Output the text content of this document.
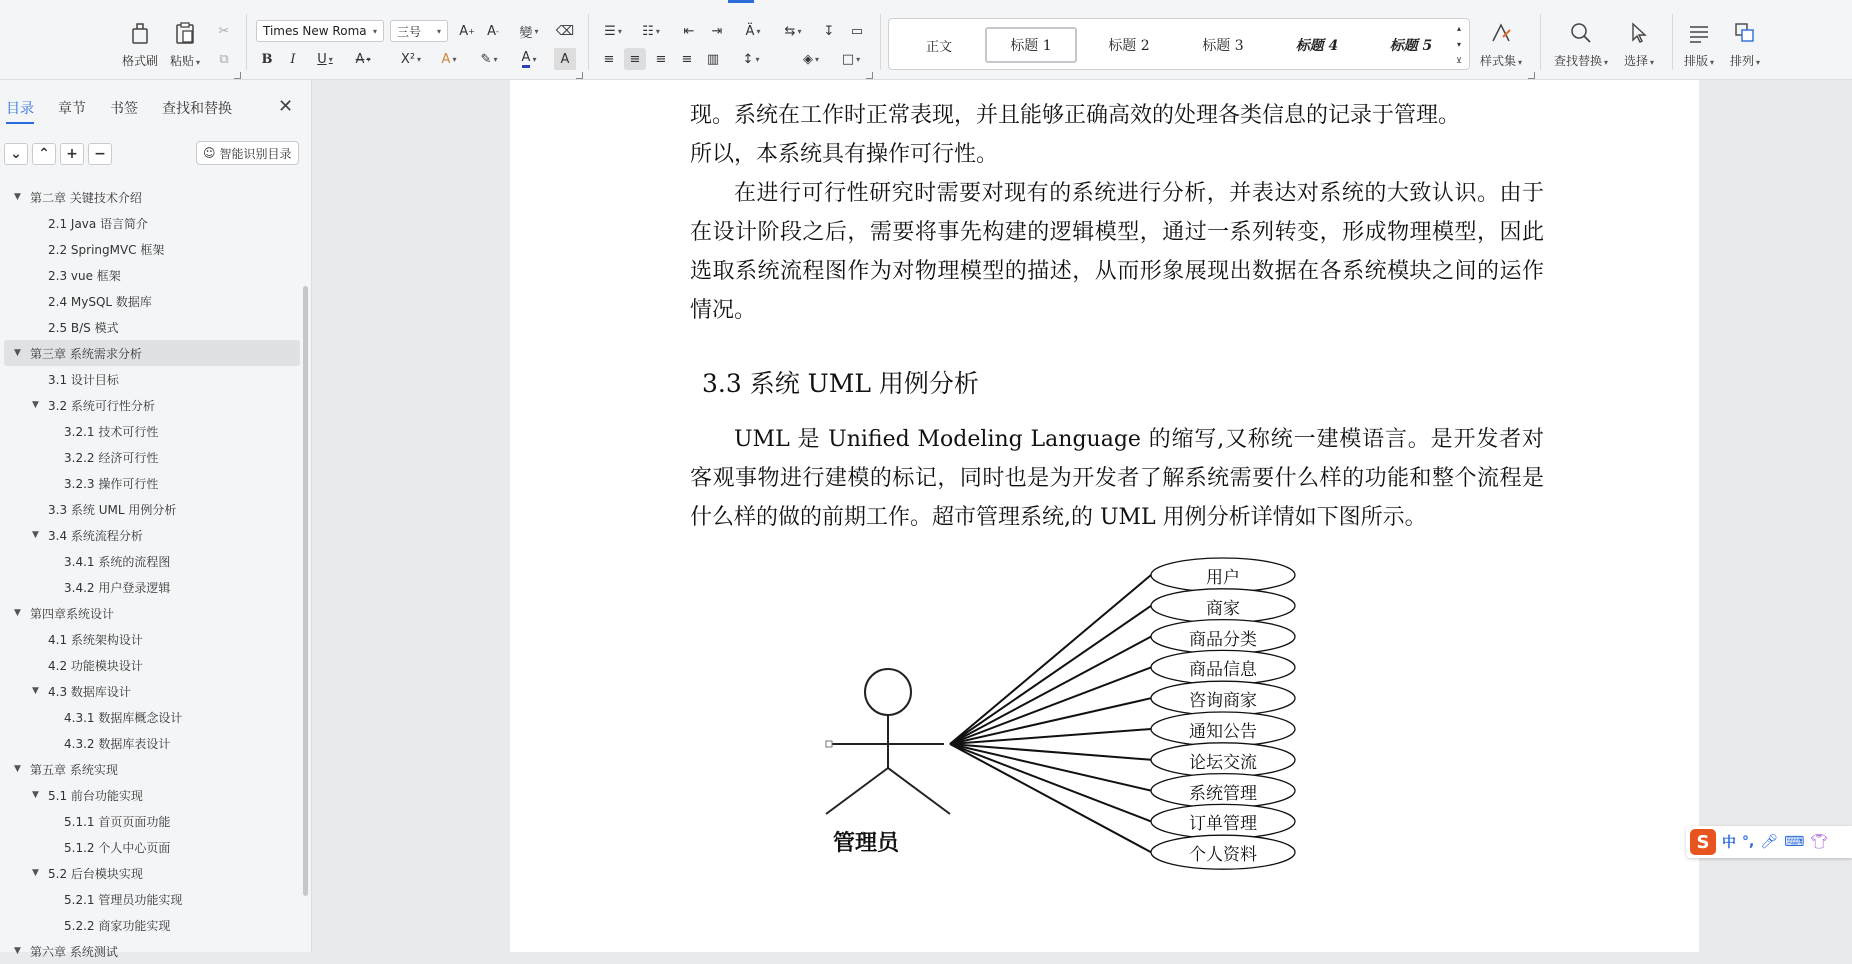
格式刷 粘贴 ▾
✂
⧉
Times New Roma ▾ 三号 ▾ A + A -	變 ▾ ⌫
B I U ▾ A ▾ X² ▾	A ▾	✎ ▾ A ▾	A
☰ ▾	☷ ▾	⇤	⇥	Ä ▾	⇆ ▾	↧	▭
≡	≡	≡	≡	▥	↕ ▾	◈ ▾	□ ▾
正文	标题 1	标题 2	标题 3	标题 4	标题 5
▴
▾
⊻	样式集 ▾	查找替换 ▾ 选择 ▾ 排版 ▾ 排列 ▾
目录 章节 书签 查找和替换	✕
⌄	⌃	+	−	☺ 智能识别目录
▼ 第二章 关键技术介绍
2.1 Java 语言简介
2.2 SpringMVC 框架
2.3 vue 框架
2.4 MySQL 数据库
2.5 B/S 模式
▼ 第三章 系统需求分析
3.1 设计目标
▼ 3.2 系统可行性分析
3.2.1 技术可行性
3.2.2 经济可行性
3.2.3 操作可行性
3.3 系统 UML 用例分析
▼ 3.4 系统流程分析
3.4.1 系统的流程图
3.4.2 用户登录逻辑
▼ 第四章系统设计
4.1 系统架构设计
4.2 功能模块设计
▼ 4.3 数据库设计
4.3.1 数据库概念设计
4.3.2 数据库表设计
▼ 第五章 系统实现
▼ 5.1 前台功能实现
5.1.1 首页页面功能
5.1.2 个人中心页面
▼ 5.2 后台模块实现
5.2.1 管理员功能实现
5.2.2 商家功能实现
▼ 第六章 系统测试
现。系统在工作时正常表现，并且能够正确高效的处理各类信息的记录于管理。
所以，本系统具有操作可行性。
在进行可行性研究时需要对现有的系统进行分析，并表达对系统的大致认识。由于在设计阶段之后，需要将事先构建的逻辑模型，通过一系列转变，形成物理模型，因此选取系统流程图作为对物理模型的描述，从而形象展现出数据在各系统模块之间的运作情况。
3.3 系统 UML 用例分析
UML 是 Unified Modeling Language 的缩写,又称统一建模语言。是开发者对客观事物进行建模的标记，同时也是为开发者了解系统需要什么样的功能和整个流程是什么样的做的前期工作。超市管理系统,的 UML 用例分析详情如下图所示。
用户
商家
商品分类
商品信息
咨询商家
通知公告
论坛交流
系统管理
订单管理
个人资料
管理员	S 中 °, 🎤︎ ⌨ 👕︎
